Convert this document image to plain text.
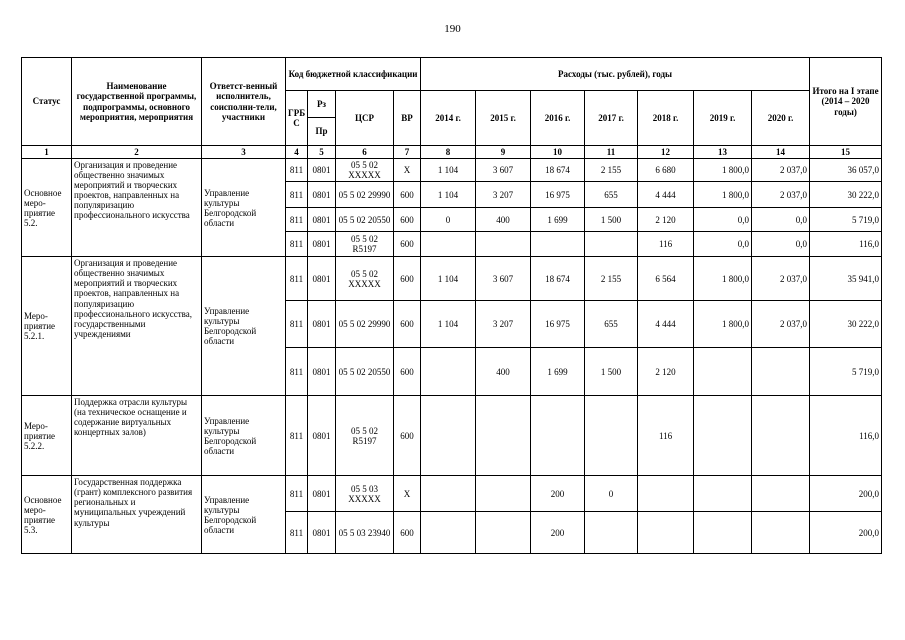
190
Статус	Наименование государственной программы, подпрограммы, основного мероприятия, мероприятия	Ответст-венный исполнитель, соисполни-тели, участники	Код бюджетной классификации				Расходы (тыс. рублей), годы							Итого на I этапе (2014 – 2020 годы)
			ГРБ С	Рз	ЦСР	ВР	2014 г.	2015 г.	2016 г.	2017 г.	2018 г.	2019 г.	2020 г.	
				Пр										
1	2	3	4	5	6	7	8	9	10	11	12	13	14	15
Основное меро-приятие 5.2.	Организация и проведение общественно значимых мероприятий и творческих проектов, направленных на популяризацию профессионального искусства	Управление культуры Белгородской области	811	0801	05 5 02 XXXXX	X	1 104	3 607	18 674	2 155	6 680	1 800,0	2 037,0	36 057,0
			811	0801	05 5 02 29990	600	1 104	3 207	16 975	655	4 444	1 800,0	2 037,0	30 222,0
			811	0801	05 5 02 20550	600	0	400	1 699	1 500	2 120	0,0	0,0	5 719,0
			811	0801	05 5 02 R5197	600					116	0,0	0,0	116,0
Меро-приятие 5.2.1.	Организация и проведение общественно значимых мероприятий и творческих проектов, направленных на популяризацию профессионального искусства, государственными учреждениями	Управление культуры Белгородской области	811	0801	05 5 02 XXXXX	600	1 104	3 607	18 674	2 155	6 564	1 800,0	2 037,0	35 941,0
			811	0801	05 5 02 29990	600	1 104	3 207	16 975	655	4 444	1 800,0	2 037,0	30 222,0
			811	0801	05 5 02 20550	600		400	1 699	1 500	2 120			5 719,0
Меро-приятие 5.2.2.	Поддержка отрасли культуры (на техническое оснащение и содержание виртуальных концертных залов)	Управление культуры Белгородской области	811	0801	05 5 02 R5197	600					116			116,0
Основное меро-приятие 5.3.	Государственная поддержка (грант) комплексного развития региональных и муниципальных учреждений культуры	Управление культуры Белгородской области	811	0801	05 5 03 XXXXX	X			200	0				200,0
			811	0801	05 5 03 23940	600			200					200,0
